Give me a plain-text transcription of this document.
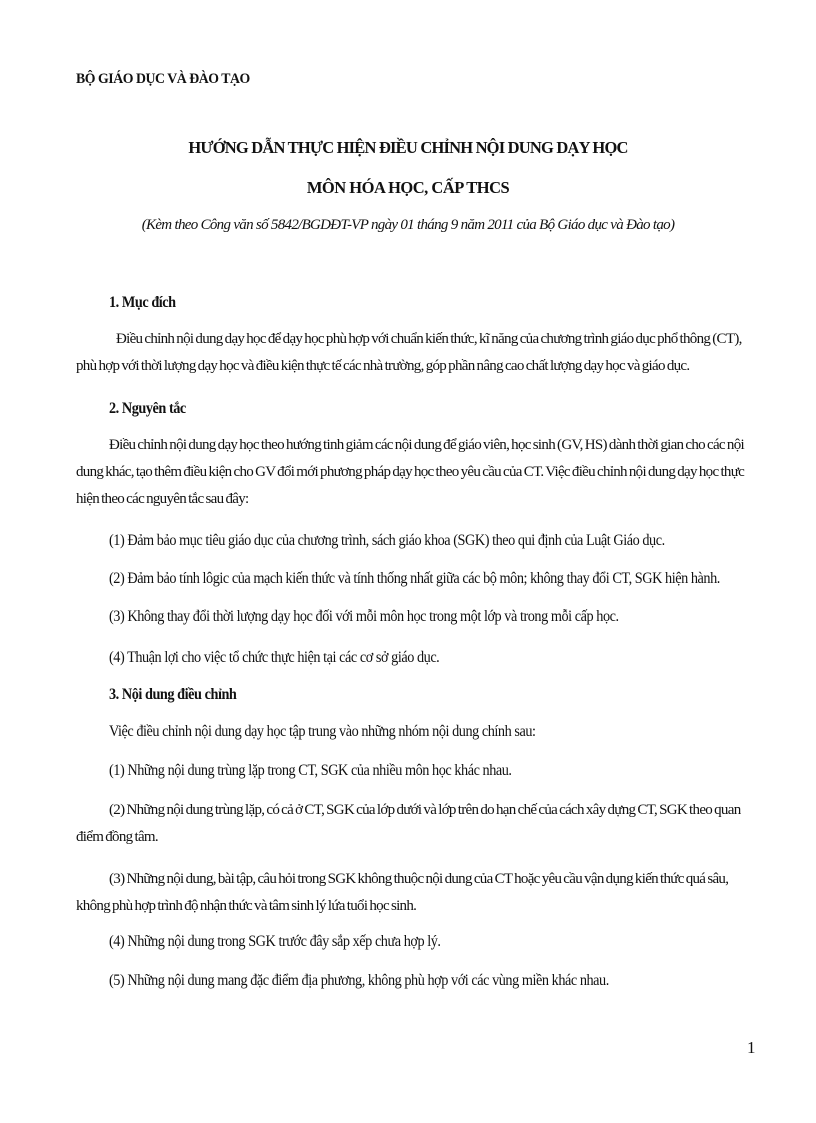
BỘ GIÁO DỤC VÀ ĐÀO TẠO
HƯỚNG DẪN THỰC HIỆN ĐIỀU CHỈNH NỘI DUNG DẠY HỌC
MÔN HÓA HỌC, CẤP THCS
(Kèm theo Công văn số 5842/BGDĐT-VP ngày 01 tháng 9 năm 2011 của Bộ Giáo dục và Đào tạo)
1. Mục đích
Điều chỉnh nội dung dạy học để dạy học phù hợp với chuẩn kiến thức, kĩ năng của chương trình giáo dục phổ thông (CT), phù hợp với thời lượng dạy học và điều kiện thực tế các nhà trường, góp phần nâng cao chất lượng dạy học và giáo dục.
2. Nguyên tắc
Điều chỉnh nội dung dạy học theo hướng tinh giảm các nội dung để giáo viên, học sinh (GV, HS) dành thời gian cho các nội dung khác, tạo thêm điều kiện cho GV đổi mới phương pháp dạy học theo yêu cầu của CT. Việc điều chỉnh nội dung dạy học thực hiện theo các nguyên tắc sau đây:
(1) Đảm bảo mục tiêu giáo dục của chương trình, sách giáo khoa (SGK) theo qui định của Luật Giáo dục.
(2) Đảm bảo tính lôgic của mạch kiến thức và tính thống nhất giữa các bộ môn; không thay đổi CT, SGK hiện hành.
(3) Không thay đổi thời lượng dạy học đối với mỗi môn học trong một lớp và trong mỗi cấp học.
(4) Thuận lợi cho việc tổ chức thực hiện tại các cơ sở giáo dục.
3. Nội dung điều chỉnh
Việc điều chỉnh nội dung dạy học tập trung vào những nhóm nội dung chính sau:
(1) Những nội dung trùng lặp trong CT, SGK của nhiều môn học khác nhau.
(2) Những nội dung trùng lặp, có cả ở CT, SGK của lớp dưới và lớp trên do hạn chế của cách xây dựng CT, SGK theo quan điểm đồng tâm.
(3) Những nội dung, bài tập, câu hỏi trong SGK không thuộc nội dung của CT hoặc yêu cầu vận dụng kiến thức quá sâu, không phù hợp trình độ nhận thức và tâm sinh lý lứa tuổi học sinh.
(4) Những nội dung trong SGK trước đây sắp xếp chưa hợp lý.
(5) Những nội dung mang đặc điểm địa phương, không phù hợp với các vùng miền khác nhau.
1
